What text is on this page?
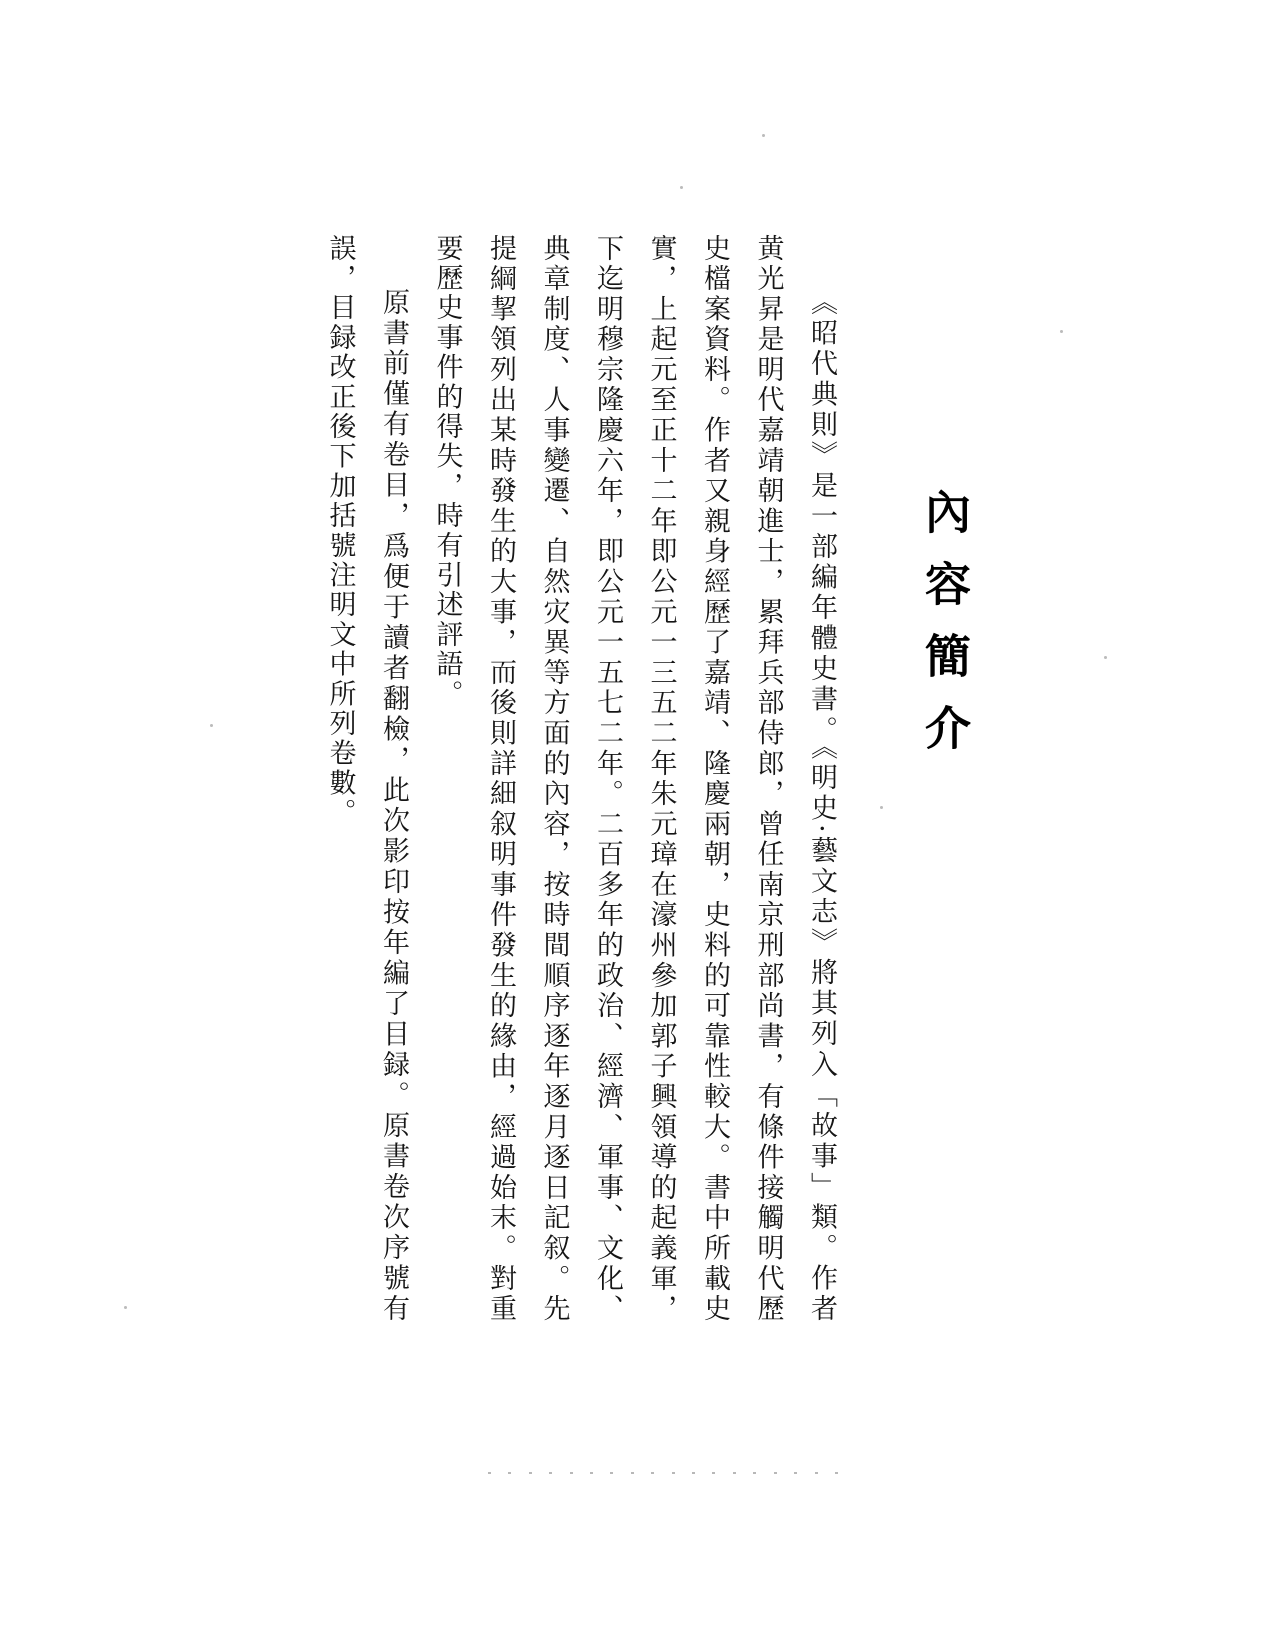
內容簡介

《昭代典則》是一部編年體史書。《明史·藝文志》將其列入「故事」類。作者黄光昇是明代嘉靖朝進士，累拜兵部侍郎，曾任南京刑部尚書，有條件接觸明代歷史檔案資料。作者又親身經歷了嘉靖、隆慶兩朝，史料的可靠性較大。書中所載史實，上起元至正十二年即公元一三五二年朱元璋在濠州參加郭子興領導的起義軍，下迄明穆宗隆慶六年，即公元一五七二年。二百多年的政治、經濟、軍事、文化、典章制度、人事變遷、自然灾異等方面的內容，按時間順序逐年逐月逐日記叙。先提綱挈領列出某時發生的大事，而後則詳細叙明事件發生的緣由，經過始末。對重要歷史事件的得失，時有引述評語。

原書前僅有卷目，爲便于讀者翻檢，此次影印按年編了目録。原書卷次序號有誤，目録改正後下加括號注明文中所列卷數。
